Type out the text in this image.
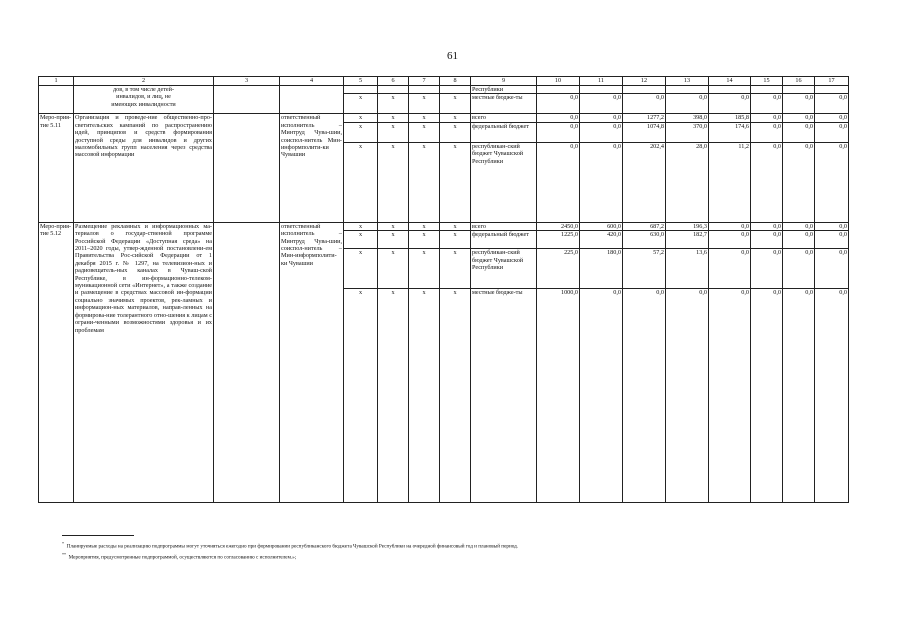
61
1	2	3	4	5	6	7	8	9	10	11	12	13	14	15	16	17

	дов, в том числе детей-
инвалидов, и лиц, не
имеющих инвалидности							Республики								
				x	x	x	x	местные бюдже-ты	0,0	0,0	0,0	0,0	0,0	0,0	0,0	0,0
Меро-прия-тие 5.11	Организация и проведе-ние общественно-про-светительских кампаний по распространению идей, принципов и средств формирования доступной среды для инвалидов и других маломобильных групп населения через средства массовой информации		ответственный исполнитель – Минтруд Чува-шии, соиспол-нитель Мин-информполити-ки Чувашии	x	x	x	x	всего	0,0	0,0	1277,2	398,0	185,8	0,0	0,0	0,0
				x	x	x	x	федеральный бюджет	0,0	0,0	1074,8	370,0	174,6	0,0	0,0	0,0
				x	x	x	x	республикан-ский бюджет Чувашской Республики	0,0	0,0	202,4	28,0	11,2	0,0	0,0	0,0
Меро-прия-тие 5.12	Размещение рекламных и информационных ма-териалов о государ-ственной программе Российской Федерации «Доступная среда» на 2011–2020 годы, утвер-жденной постановлени-ем Правительства Рос-сийской Федерации от 1 декабря 2015 г. № 1297, на телевизион-ных и радиовещатель-ных каналах в Чуваш-ской Республике, в ин-формационно-телеком-муникационной сети «Интернет», а также создание и размещение в средствах массовой ин-формации социально значимых проектов, рек-ламных и информацион-ных материалов, направ-ленных на формирова-ние толерантного отно-шения к лицам с ограни-ченными возможностями здоровья и их проблемам		ответственный исполнитель – Минтруд Чува-шии, соиспол-нитель – Мин-информполити-ки Чувашии	x	x	x	x	всего	2450,0	600,0	687,2	196,3	0,0	0,0	0,0	0,0
				x	x	x	x	федеральный бюджет	1225,0	420,0	630,0	182,7	0,0	0,0	0,0	0,0
				x	x	x	x	республикан-ский бюджет Чувашской Республики	225,0	180,0	57,2	13,6	0,0	0,0	0,0	0,0
				x	x	x	x	местные бюдже-ты	1000,0	0,0	0,0	0,0	0,0	0,0	0,0	0,0
*  Планируемые расходы на реализацию подпрограммы могут уточняться ежегодно при формировании республиканского бюджета Чувашской Республики на очередной финансовый год и плановый период.
**  Мероприятия, предусмотренные подпрограммой, осуществляются по согласованию с исполнителем.»;
